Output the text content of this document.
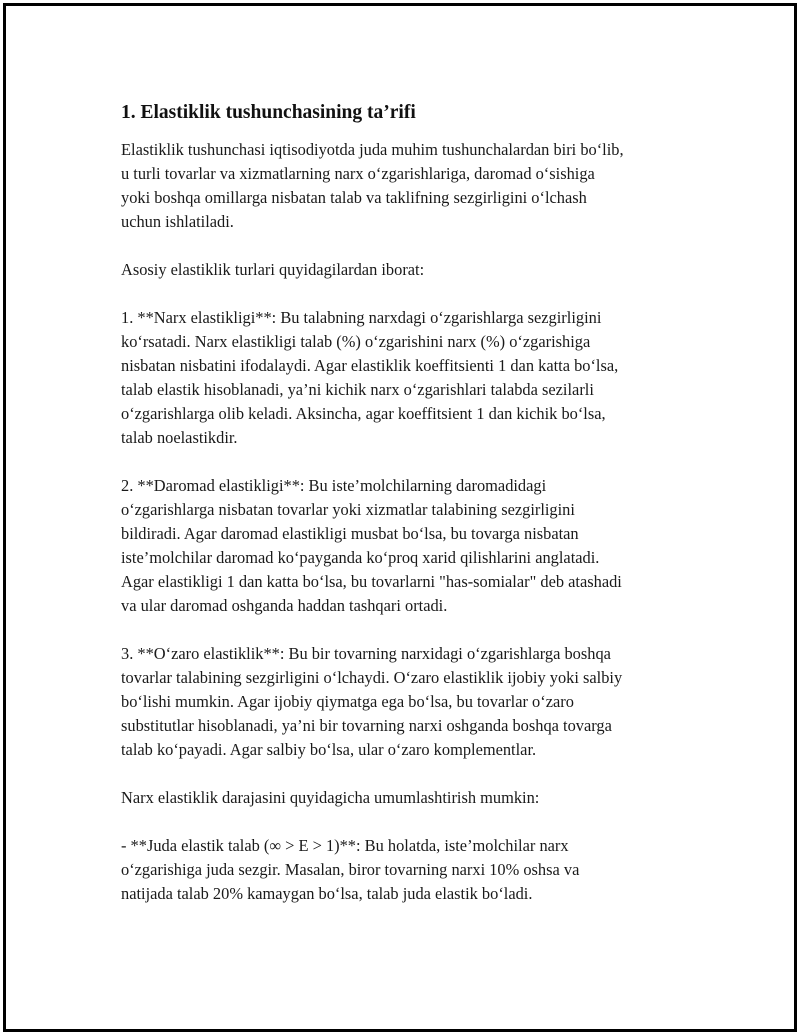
1. Elastiklik tushunchasining ta’rifi
Elastiklik tushunchasi iqtisodiyotda juda muhim tushunchalardan biri boʻlib,
u turli tovarlar va xizmatlarning narx oʻzgarishlariga, daromad oʻsishiga
yoki boshqa omillarga nisbatan talab va taklifning sezgirligini oʻlchash
uchun ishlatiladi.
Asosiy elastiklik turlari quyidagilardan iborat:
1. **Narx elastikligi**: Bu talabning narxdagi oʻzgarishlarga sezgirligini
koʻrsatadi. Narx elastikligi talab (%) oʻzgarishini narx (%) oʻzgarishiga
nisbatan nisbatini ifodalaydi. Agar elastiklik koeffitsienti 1 dan katta boʻlsa,
talab elastik hisoblanadi, ya’ni kichik narx oʻzgarishlari talabda sezilarli
oʻzgarishlarga olib keladi. Aksincha, agar koeffitsient 1 dan kichik boʻlsa,
talab noelastikdir.
2. **Daromad elastikligi**: Bu iste’molchilarning daromadidagi
oʻzgarishlarga nisbatan tovarlar yoki xizmatlar talabining sezgirligini
bildiradi. Agar daromad elastikligi musbat boʻlsa, bu tovarga nisbatan
iste’molchilar daromad koʻpayganda koʻproq xarid qilishlarini anglatadi.
Agar elastikligi 1 dan katta boʻlsa, bu tovarlarni "has-somialar" deb atashadi
va ular daromad oshganda haddan tashqari ortadi.
3. **Oʻzaro elastiklik**: Bu bir tovarning narxidagi oʻzgarishlarga boshqa
tovarlar talabining sezgirligini oʻlchaydi. Oʻzaro elastiklik ijobiy yoki salbiy
boʻlishi mumkin. Agar ijobiy qiymatga ega boʻlsa, bu tovarlar oʻzaro
substitutlar hisoblanadi, ya’ni bir tovarning narxi oshganda boshqa tovarga
talab koʻpayadi. Agar salbiy boʻlsa, ular oʻzaro komplementlar.
Narx elastiklik darajasini quyidagicha umumlashtirish mumkin:
- **Juda elastik talab (∞ > E > 1)**: Bu holatda, iste’molchilar narx
oʻzgarishiga juda sezgir. Masalan, biror tovarning narxi 10% oshsa va
natijada talab 20% kamaygan boʻlsa, talab juda elastik boʻladi.
